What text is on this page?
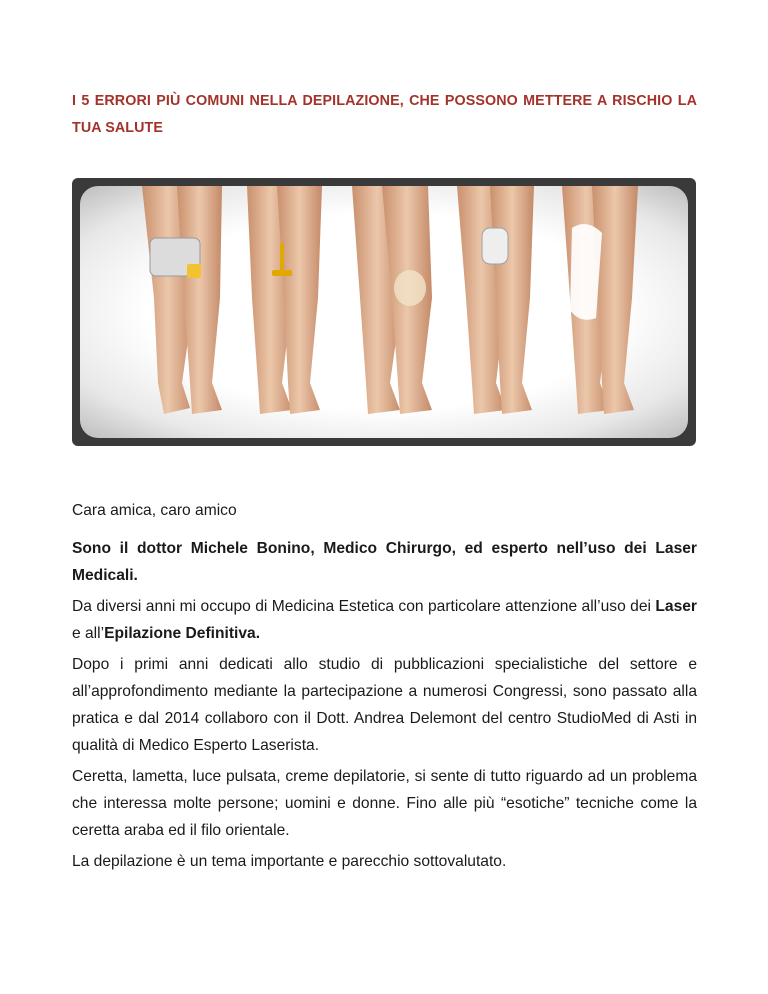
I 5 ERRORI PIÙ COMUNI NELLA DEPILAZIONE, CHE POSSONO METTERE A RISCHIO LA TUA SALUTE
Cara amica, caro amico
Sono il dottor Michele Bonino, Medico Chirurgo, ed esperto nell’uso dei Laser Medicali.
Da diversi anni mi occupo di Medicina Estetica con particolare attenzione all’uso dei Laser e all’Epilazione Definitiva.
Dopo i primi anni dedicati allo studio di pubblicazioni specialistiche del settore e all’approfondimento mediante la partecipazione a numerosi Congressi, sono passato alla pratica e dal 2014 collaboro con il Dott. Andrea Delemont del centro StudioMed di Asti in qualità di Medico Esperto Laserista.
Ceretta, lametta, luce pulsata, creme depilatorie, si sente di tutto riguardo ad un problema che interessa molte persone; uomini e donne. Fino alle più “esotiche” tecniche come la ceretta araba ed il filo orientale.
La depilazione è un tema importante e parecchio sottovalutato.
